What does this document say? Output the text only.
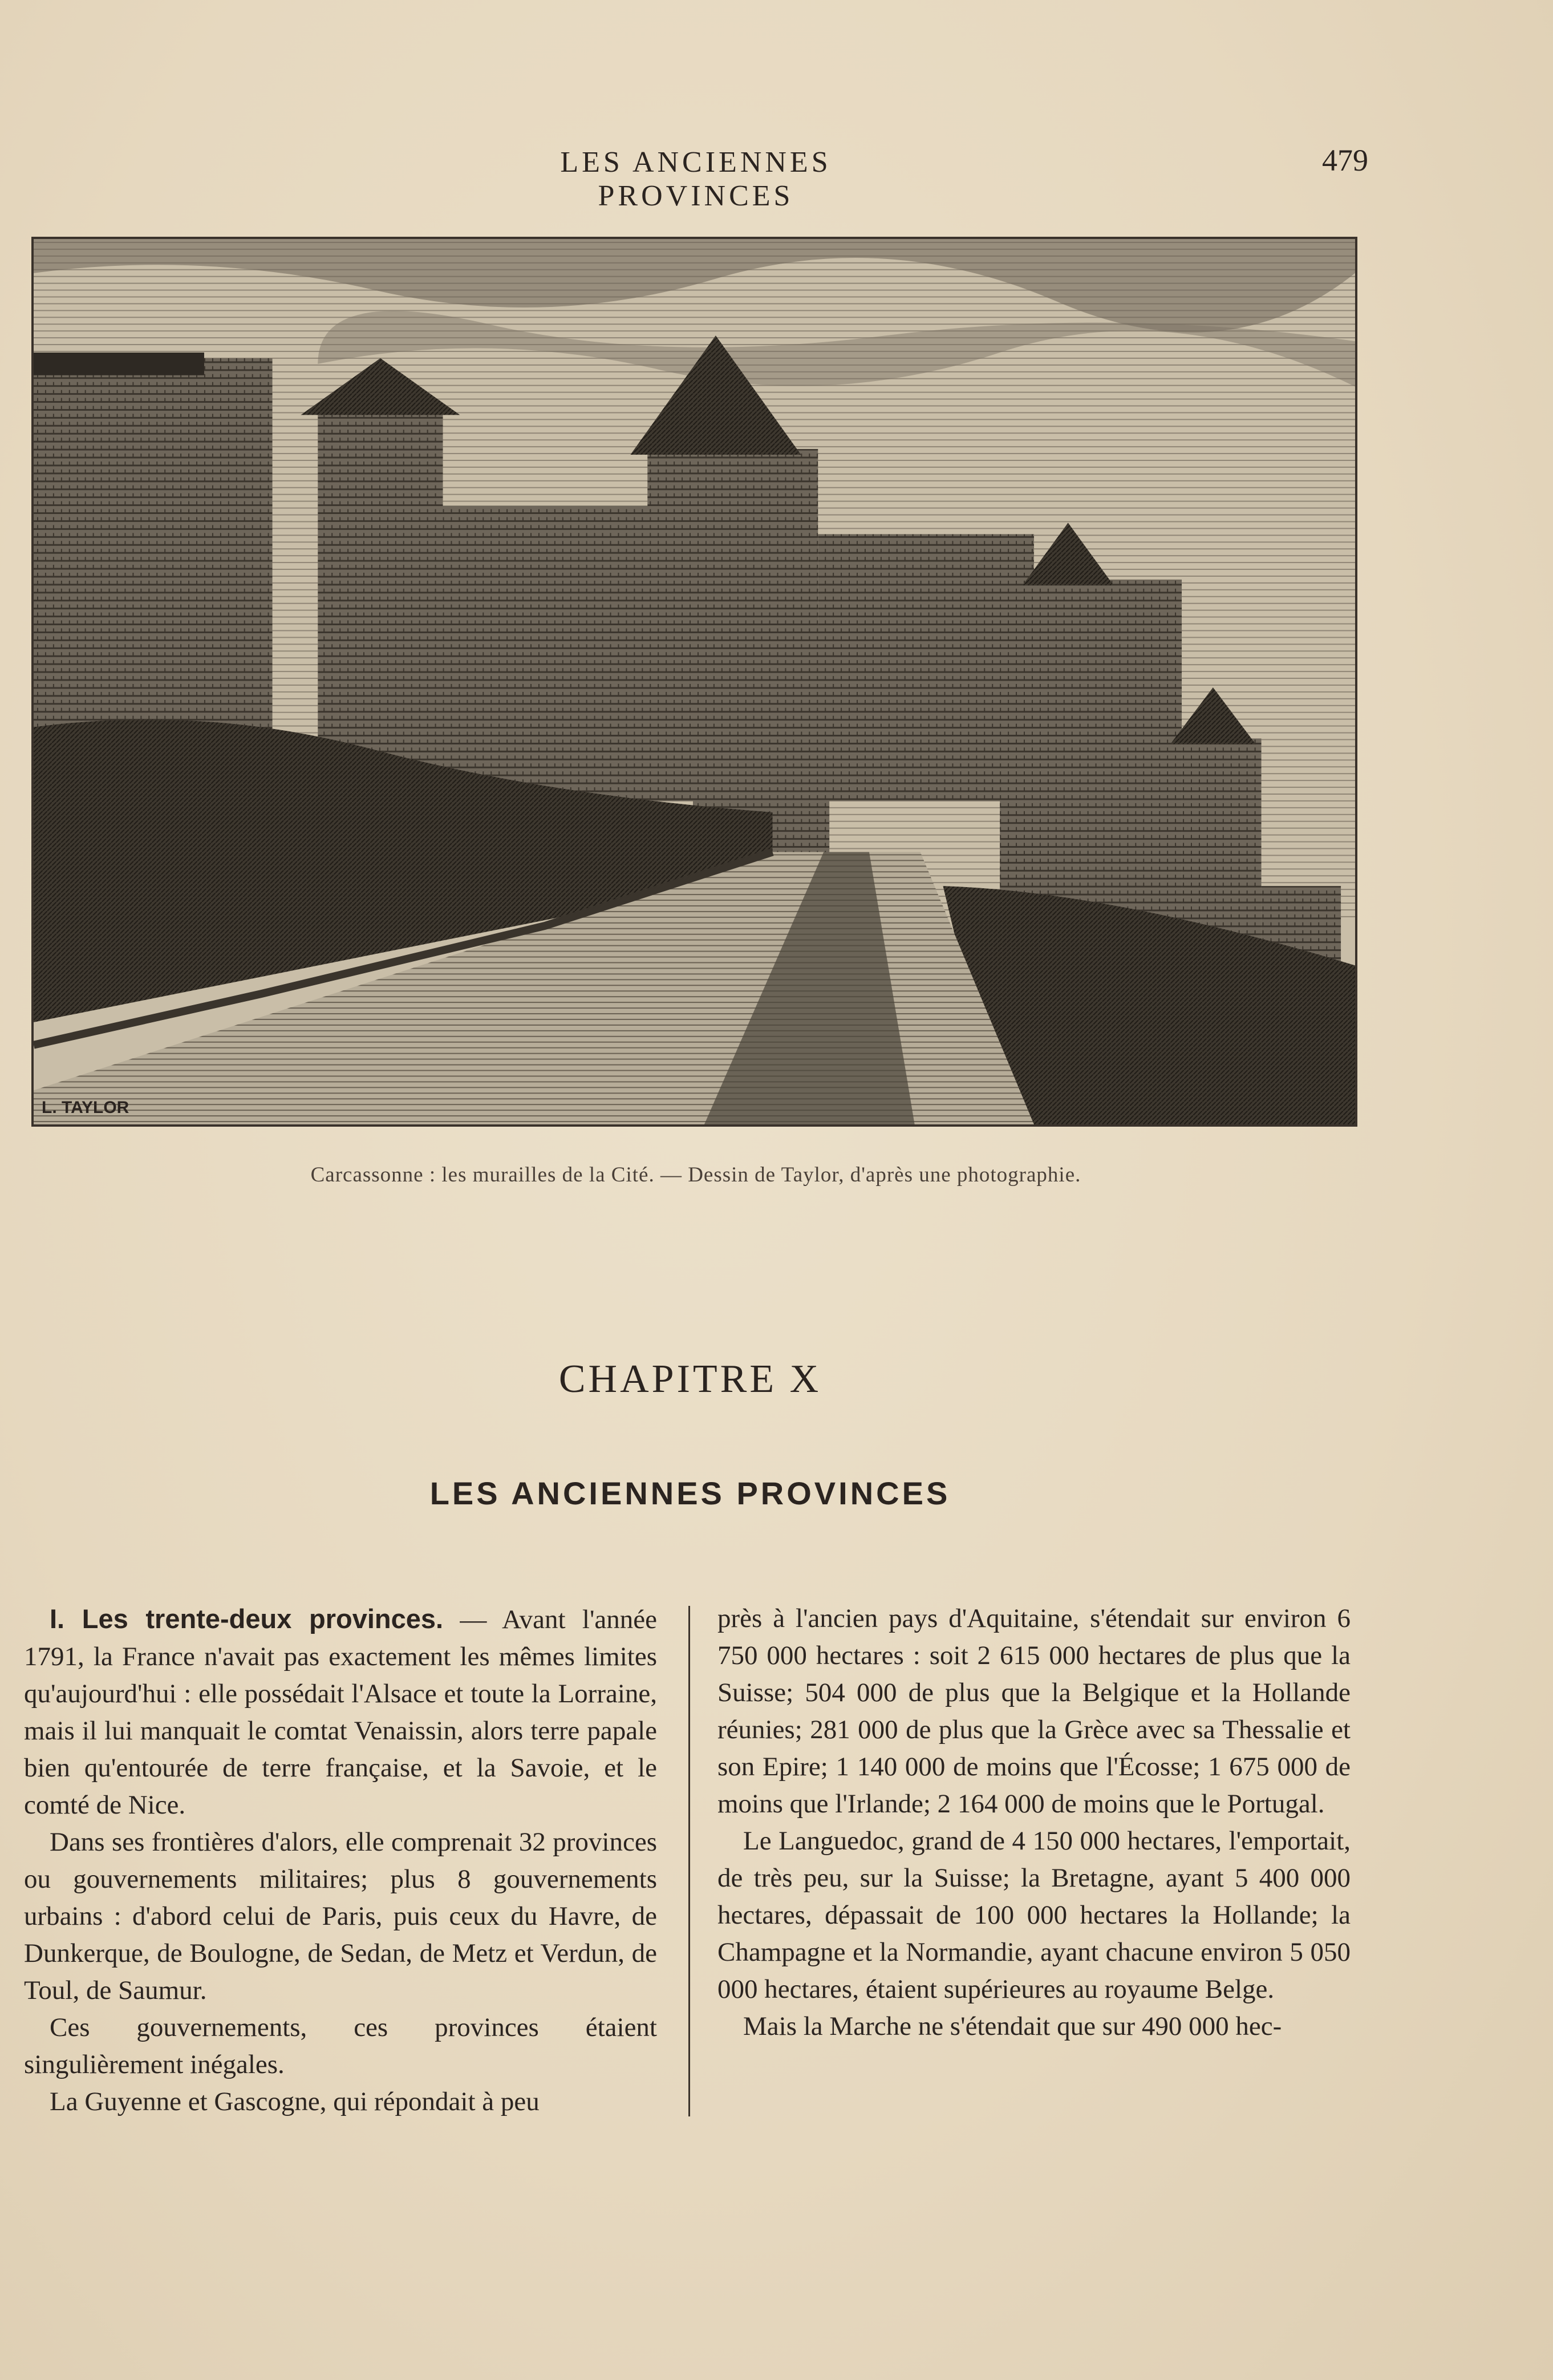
LES ANCIENNES PROVINCES
479
L. TAYLOR
Carcassonne : les murailles de la Cité. — Dessin de Taylor, d'après une photographie.
CHAPITRE X
LES ANCIENNES PROVINCES

I. Les trente-deux provinces. — Avant l'année 1791, la France n'avait pas exactement les mêmes limites qu'aujourd'hui : elle possédait l'Alsace et toute la Lorraine, mais il lui manquait le comtat Venaissin, alors terre papale bien qu'entourée de terre française, et la Savoie, et le comté de Nice.

Dans ses frontières d'alors, elle comprenait 32 provinces ou gouvernements militaires; plus 8 gouvernements urbains : d'abord celui de Paris, puis ceux du Havre, de Dunkerque, de Boulogne, de Sedan, de Metz et Verdun, de Toul, de Saumur.

Ces gouvernements, ces provinces étaient singulièrement inégales.

La Guyenne et Gascogne, qui répondait à peu

près à l'ancien pays d'Aquitaine, s'étendait sur environ 6 750 000 hectares : soit 2 615 000 hectares de plus que la Suisse; 504 000 de plus que la Belgique et la Hollande réunies; 281 000 de plus que la Grèce avec sa Thessalie et son Epire; 1 140 000 de moins que l'Écosse; 1 675 000 de moins que l'Irlande; 2 164 000 de moins que le Portugal.

Le Languedoc, grand de 4 150 000 hectares, l'emportait, de très peu, sur la Suisse; la Bretagne, ayant 5 400 000 hectares, dépassait de 100 000 hectares la Hollande; la Champagne et la Normandie, ayant chacune environ 5 050 000 hectares, étaient supérieures au royaume Belge.

Mais la Marche ne s'étendait que sur 490 000 hec-
